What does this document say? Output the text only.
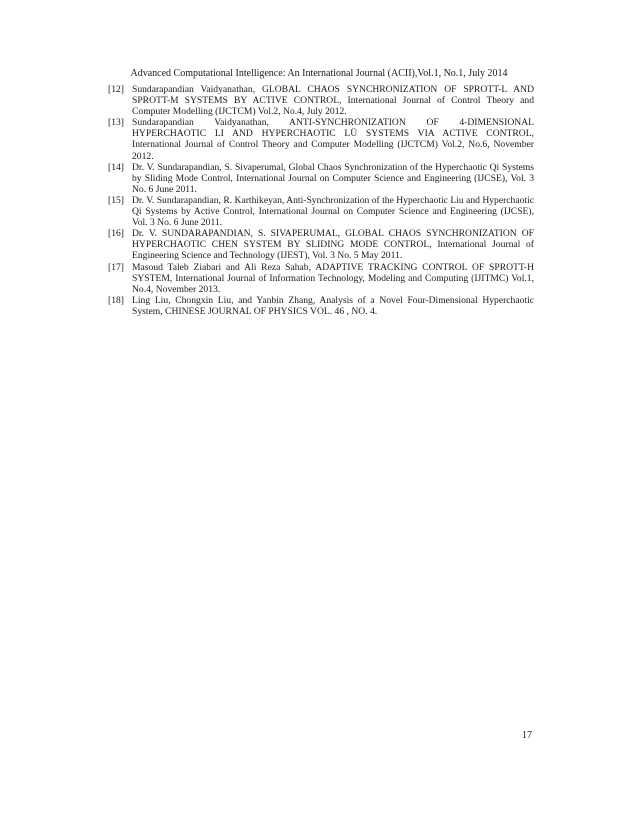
Advanced Computational Intelligence: An International Journal (ACII),Vol.1, No.1, July 2014
[12] Sundarapandian Vaidyanathan, GLOBAL CHAOS SYNCHRONIZATION OF SPROTT-L AND SPROTT-M SYSTEMS BY ACTIVE CONTROL, International Journal of Control Theory and Computer Modelling (IJCTCM) Vol.2, No.4, July 2012.
[13] Sundarapandian Vaidyanathan, ANTI-SYNCHRONIZATION OF 4-DIMENSIONAL HYPERCHAOTIC LI AND HYPERCHAOTIC LÜ SYSTEMS VIA ACTIVE CONTROL, International Journal of Control Theory and Computer Modelling (IJCTCM) Vol.2, No.6, November 2012.
[14] Dr. V. Sundarapandian, S. Sivaperumal, Global Chaos Synchronization of the Hyperchaotic Qi Systems by Sliding Mode Control, International Journal on Computer Science and Engineering (IJCSE), Vol. 3 No. 6 June 2011.
[15] Dr. V. Sundarapandian, R. Karthikeyan, Anti-Synchronization of the Hyperchaotic Liu and Hyperchaotic Qi Systems by Active Control, International Journal on Computer Science and Engineering (IJCSE), Vol. 3 No. 6 June 2011.
[16] Dr. V. SUNDARAPANDIAN, S. SIVAPERUMAL, GLOBAL CHAOS SYNCHRONIZATION OF HYPERCHAOTIC CHEN SYSTEM BY SLIDING MODE CONTROL, International Journal of Engineering Science and Technology (IJEST), Vol. 3 No. 5 May 2011.
[17] Masoud Taleb Ziabari and Ali Reza Sahab, ADAPTIVE TRACKING CONTROL OF SPROTT-H SYSTEM, International Journal of Information Technology, Modeling and Computing (IJITMC) Vol.1, No.4, November 2013.
[18] Ling Liu, Chongxin Liu, and Yanbin Zhang, Analysis of a Novel Four-Dimensional Hyperchaotic System, CHINESE JOURNAL OF PHYSICS VOL. 46 , NO. 4.
17
